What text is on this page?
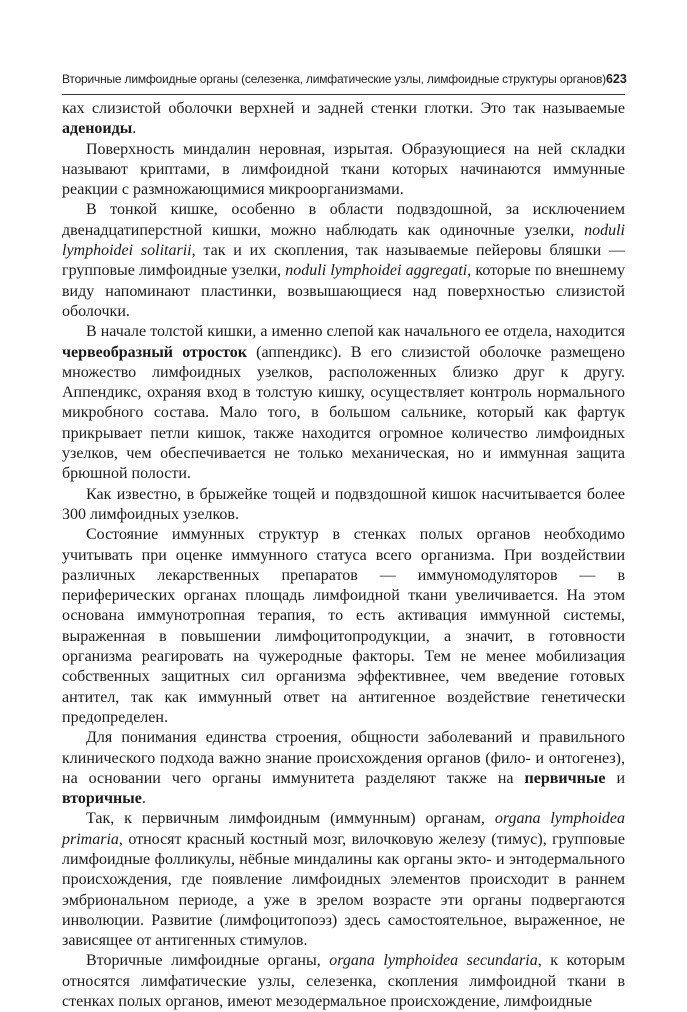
Вторичные лимфоидные органы (селезенка, лимфатические узлы, лимфоидные структуры органов) 623

ках слизистой оболочки верхней и задней стенки глотки. Это так называемые аденоиды.

Поверхность миндалин неровная, изрытая. Образующиеся на ней складки называют криптами, в лимфоидной ткани которых начинаются иммунные реакции с размножающимися микроорганизмами.

В тонкой кишке, особенно в области подвздошной, за исключением двенадцатиперстной кишки, можно наблюдать как одиночные узелки, noduli lymphoidei solitarii, так и их скопления, так называемые пейеровы бляшки — групповые лимфоидные узелки, noduli lymphoidei aggregati, которые по внешнему виду напоминают пластинки, возвышающиеся над поверхностью слизистой оболочки.

В начале толстой кишки, а именно слепой как начального ее отдела, находится червеобразный отросток (аппендикс). В его слизистой оболочке размещено множество лимфоидных узелков, расположенных близко друг к другу. Аппендикс, охраняя вход в толстую кишку, осуществляет контроль нормального микробного состава. Мало того, в большом сальнике, который как фартук прикрывает петли кишок, также находится огромное количество лимфоидных узелков, чем обеспечивается не только механическая, но и иммунная защита брюшной полости.

Как известно, в брыжейке тощей и подвздошной кишок насчитывается более 300 лимфоидных узелков.

Состояние иммунных структур в стенках полых органов необходимо учитывать при оценке иммунного статуса всего организма. При воздействии различных лекарственных препаратов — иммуномодуляторов — в периферических органах площадь лимфоидной ткани увеличивается. На этом основана иммунотропная терапия, то есть активация иммунной системы, выраженная в повышении лимфоцитопродукции, а значит, в готовности организма реагировать на чужеродные факторы. Тем не менее мобилизация собственных защитных сил организма эффективнее, чем введение готовых антител, так как иммунный ответ на антигенное воздействие генетически предопределен.

Для понимания единства строения, общности заболеваний и правильного клинического подхода важно знание происхождения органов (фило- и онтогенез), на основании чего органы иммунитета разделяют также на первичные и вторичные.

Так, к первичным лимфоидным (иммунным) органам, organa lymphoidea primaria, относят красный костный мозг, вилочковую железу (тимус), групповые лимфоидные фолликулы, нёбные миндалины как органы экто- и энтодермального происхождения, где появление лимфоидных элементов происходит в раннем эмбриональном периоде, а уже в зрелом возрасте эти органы подвергаются инволюции. Развитие (лимфоцитопоэз) здесь самостоятельное, выраженное, не зависящее от антигенных стимулов.

Вторичные лимфоидные органы, organa lymphoidea secundaria, к которым относятся лимфатические узлы, селезенка, скопления лимфоидной ткани в стенках полых органов, имеют мезодермальное происхождение, лимфоидные
